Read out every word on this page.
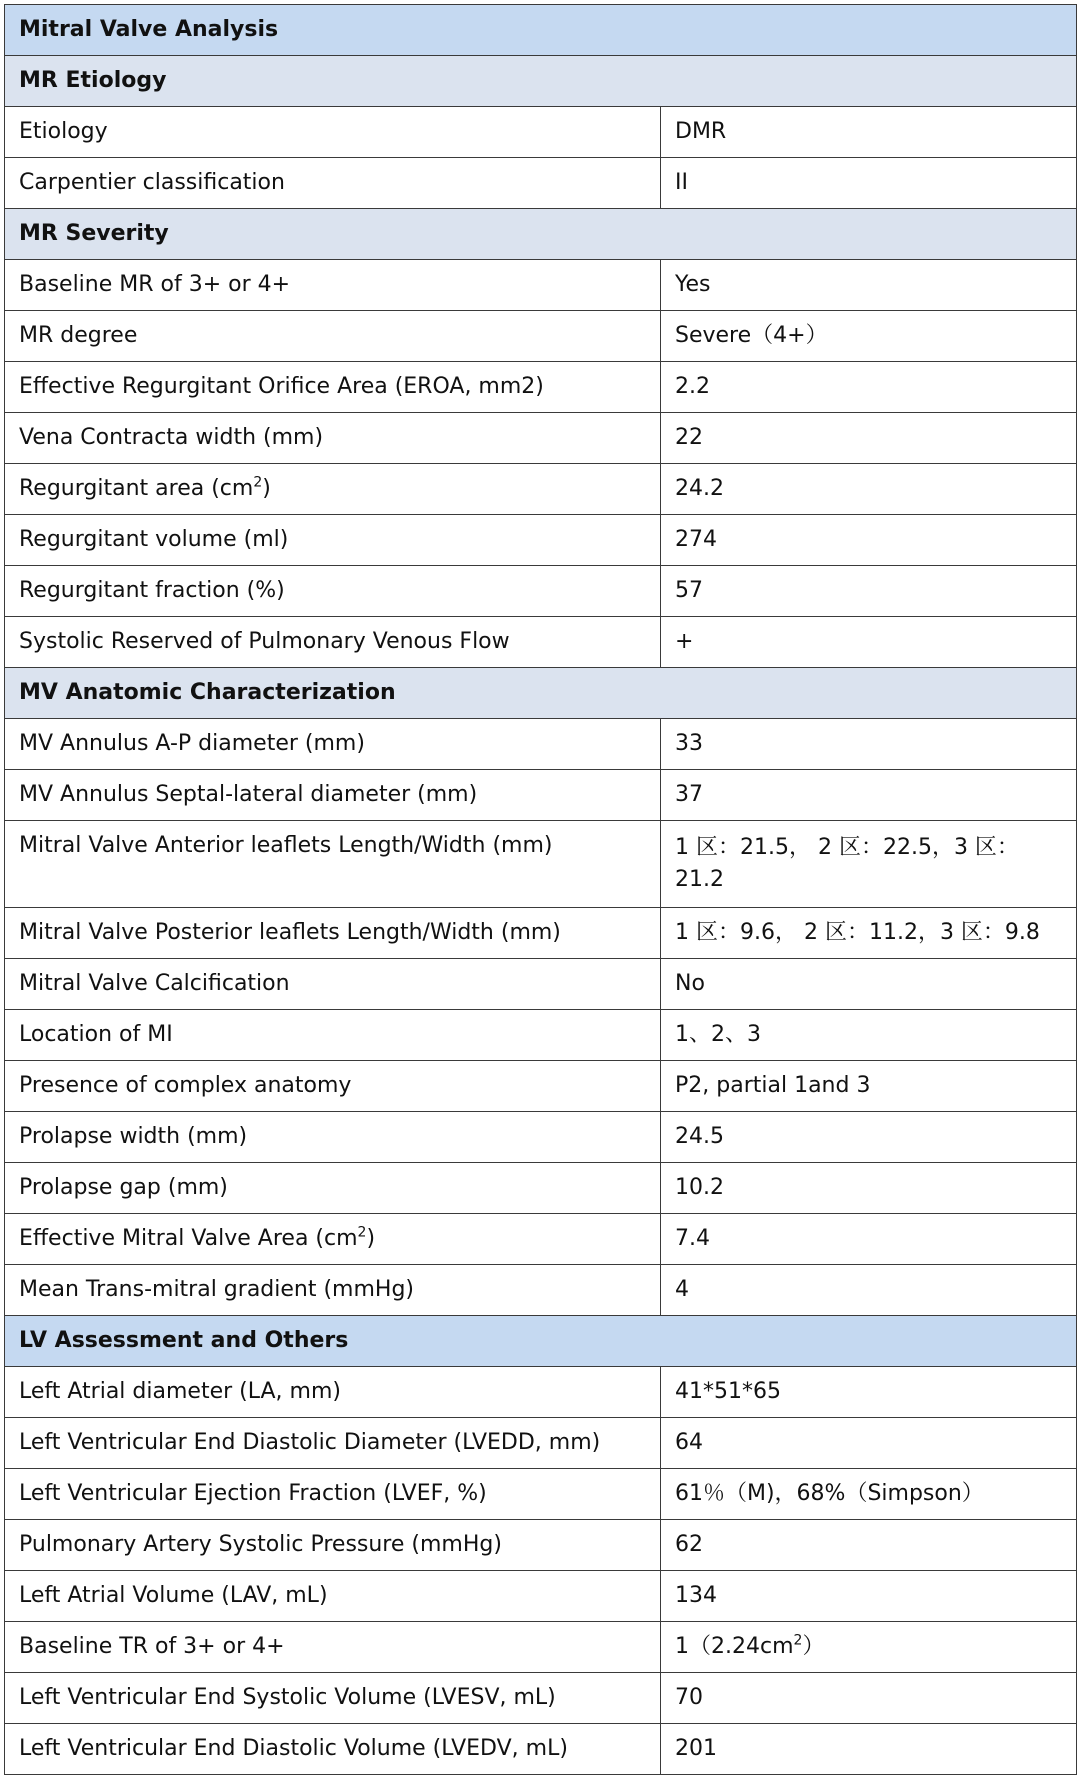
Mitral Valve Analysis	
MR Etiology	
Etiology	DMR
Carpentier classification	II
MR Severity	
Baseline MR of 3+ or 4+	Yes
MR degree	Severe（4+）
Effective Regurgitant Orifice Area (EROA, mm2)	2.2
Vena Contracta width (mm)	22
Regurgitant area $(cm^2)$	24.2
Regurgitant volume (ml)	274
Regurgitant fraction (%)	57
Systolic Reserved of Pulmonary Venous Flow	+
MV Anatomic Characterization	
MV Annulus A-P diameter (mm)	33
MV Annulus Septal-lateral diameter (mm)	37
Mitral Valve Anterior leaflets Length/Width (mm)	1 区：21.5， 2 区：22.5，3 区：21.2
Mitral Valve Posterior leaflets Length/Width (mm)	1 区：9.6， 2 区：11.2，3 区：9.8
Mitral Valve Calcification	No
Location of MI	1、2、3
Presence of complex anatomy	P2, partial 1and 3
Prolapse width (mm)	24.5
Prolapse gap (mm)	10.2
Effective Mitral Valve Area $(cm^2)$	7.4
Mean Trans-mitral gradient (mmHg)	4
LV Assessment and Others	
Left Atrial diameter (LA, mm)	41*51*65
Left Ventricular End Diastolic Diameter (LVEDD, mm)	64
Left Ventricular Ejection Fraction (LVEF, %)	61％（M)，68%（Simpson）
Pulmonary Artery Systolic Pressure (mmHg)	62
Left Atrial Volume (LAV, mL)	134
Baseline TR of 3+ or 4+	$1(2.24cm^2)$
Left Ventricular End Systolic Volume (LVESV, mL)	70
Left Ventricular End Diastolic Volume (LVEDV, mL)	201
